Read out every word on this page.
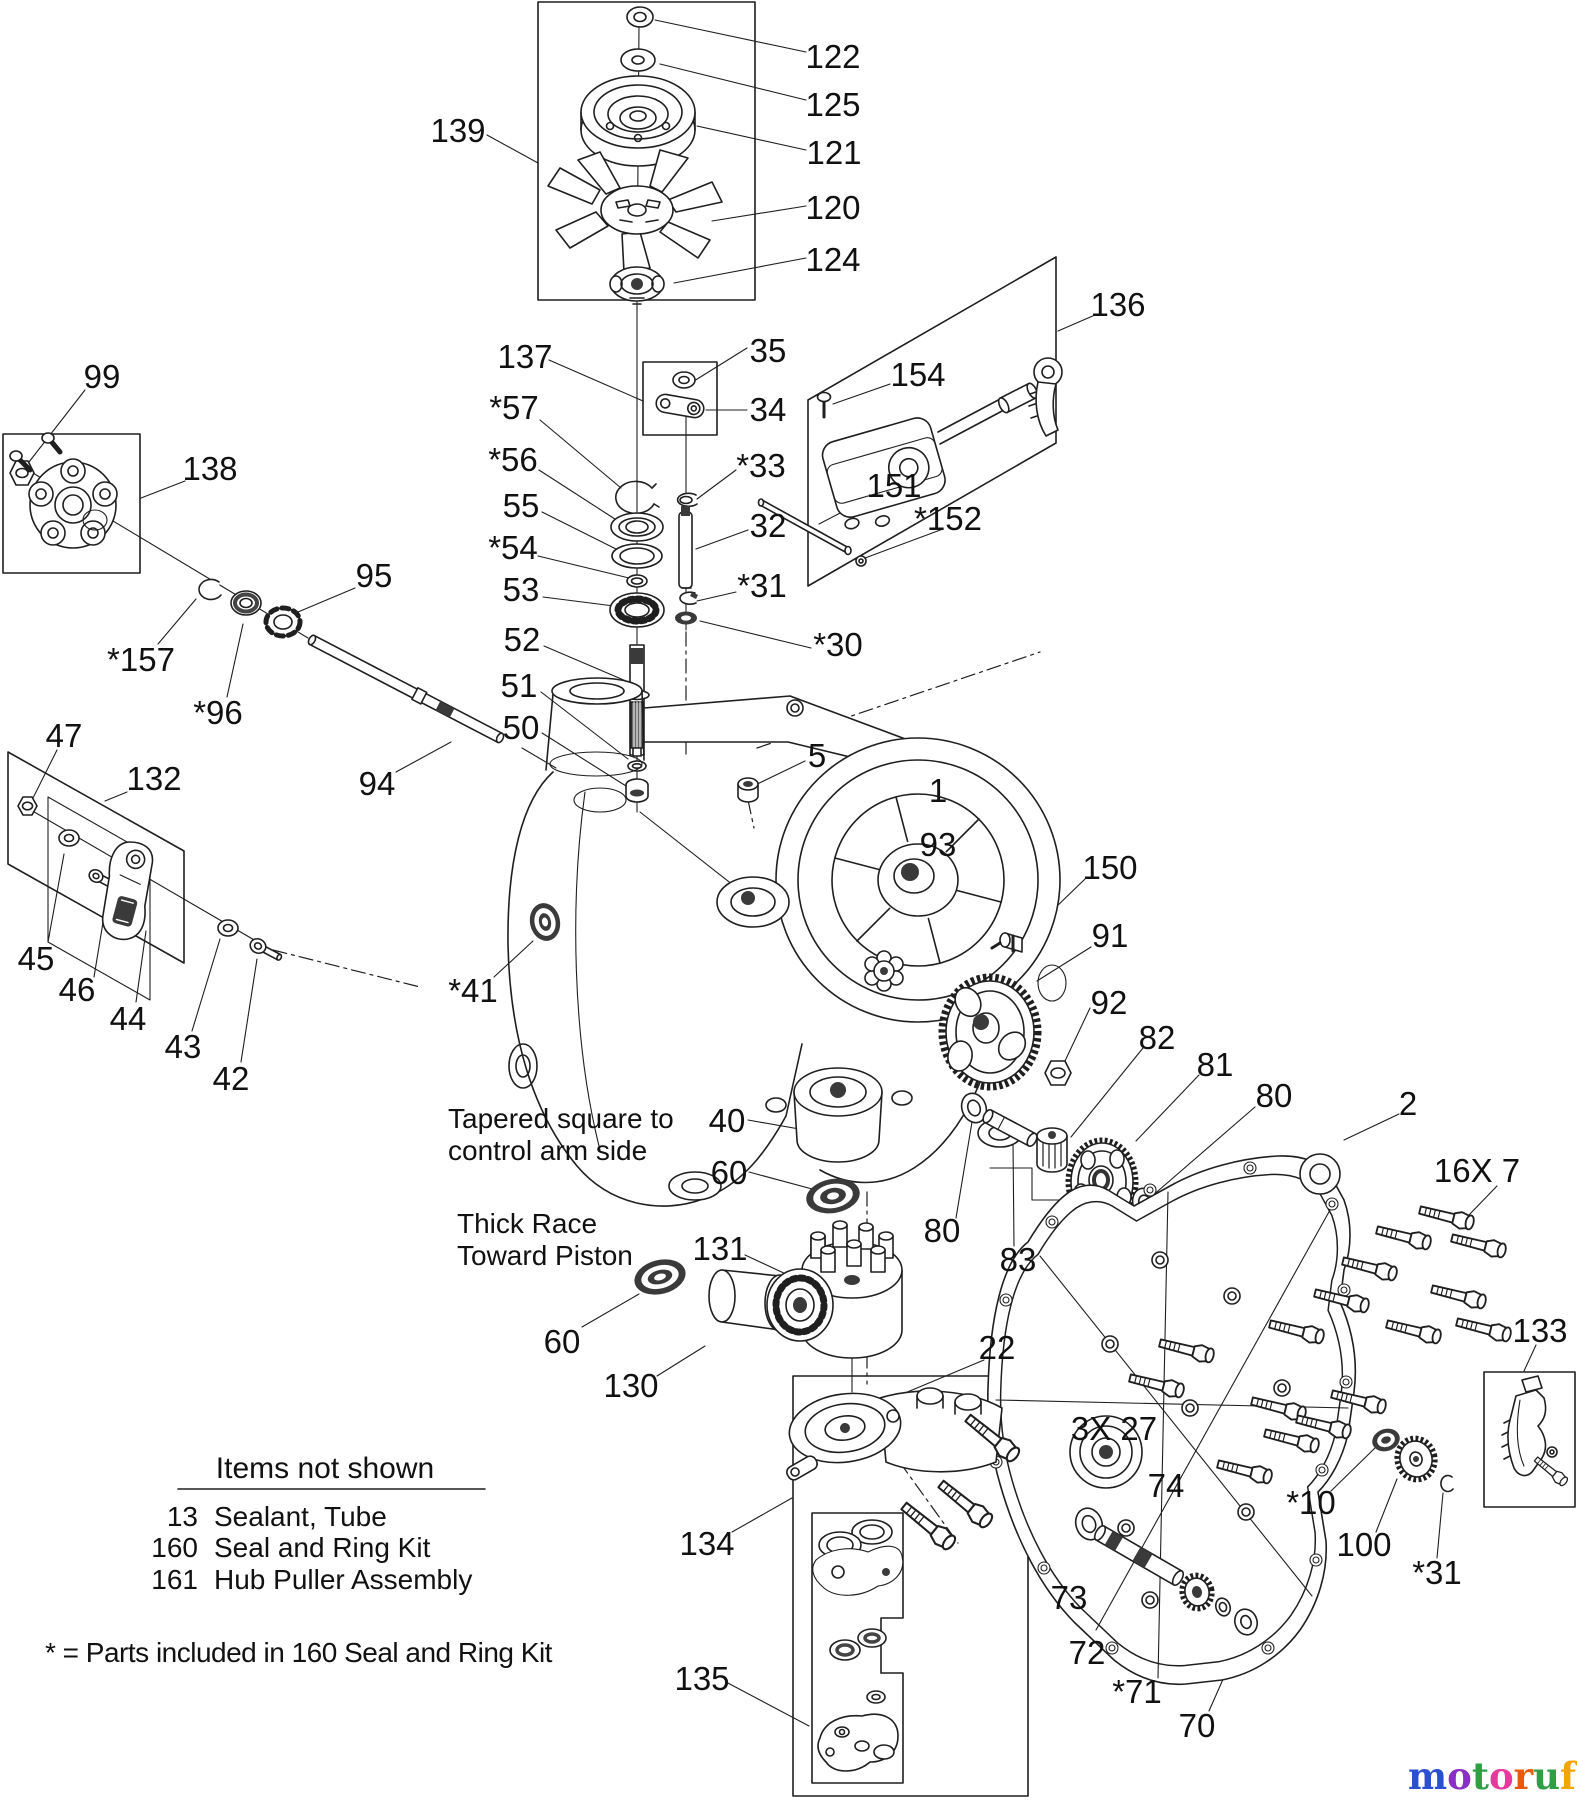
139
122
125
121
120
124
137	35
34
*33
32
*31
*30
*57
*56
55
*54
53
52
51
50
5
1
93
150
91
92
82
81
80	2
16X 7
99
138
95
*157
*96
94
47
132
45
46
44
43
42
*41
151
*152
136
154
40
60
131
60
130
22
80
83
3X 27
74
73
72
*71
70
*10
100
*31
133
134
135
Tapered square to
control arm side
Thick Race
Toward Piston
Items not shown
13 Sealant, Tube
160 Seal and Ring Kit
161 Hub Puller Assembly
* = Parts included in 160 Seal and Ring Kit
motoruf
